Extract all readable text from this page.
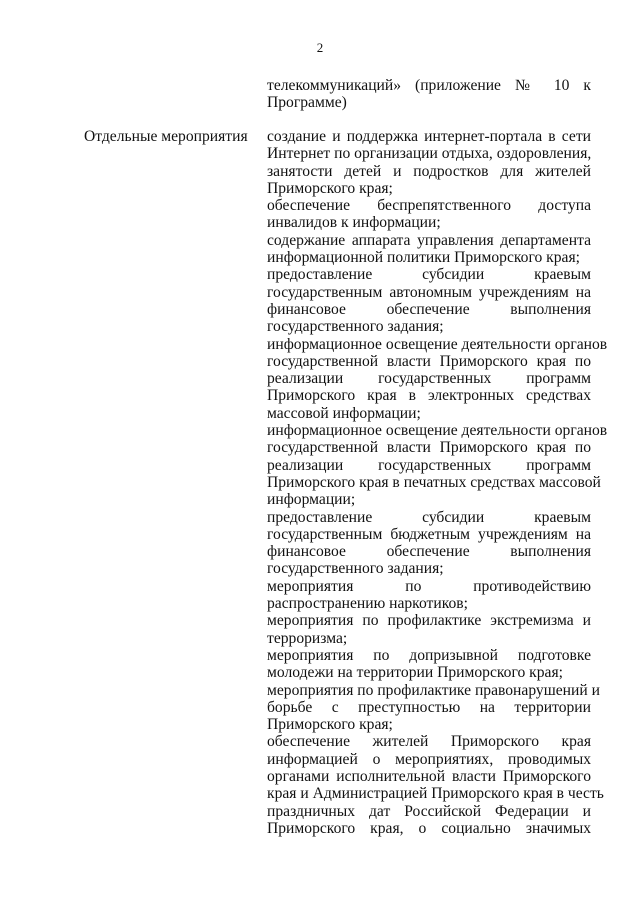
2
телекоммуникаций» (приложение № 10 к
Программе)
Отдельные мероприятия создание и поддержка интернет-портала в сети
Интернет по организации отдыха, оздоровления,
занятости детей и подростков для жителей
Приморского края;
обеспечение беспрепятственного доступа
инвалидов к информации;
содержание аппарата управления департамента
информационной политики Приморского края;
предоставление субсидии краевым
государственным автономным учреждениям на
финансовое обеспечение выполнения
государственного задания;
информационное освещение деятельности органов
государственной власти Приморского края по
реализации государственных программ
Приморского края в электронных средствах
массовой информации;
информационное освещение деятельности органов
государственной власти Приморского края по
реализации государственных программ
Приморского края в печатных средствах массовой
информации;
предоставление субсидии краевым
государственным бюджетным учреждениям на
финансовое обеспечение выполнения
государственного задания;
мероприятия по противодействию
распространению наркотиков;
мероприятия по профилактике экстремизма и
терроризма;
мероприятия по допризывной подготовке
молодежи на территории Приморского края;
мероприятия по профилактике правонарушений и
борьбе с преступностью на территории
Приморского края;
обеспечение жителей Приморского края
информацией о мероприятиях, проводимых
органами исполнительной власти Приморского
края и Администрацией Приморского края в честь
праздничных дат Российской Федерации и
Приморского края, о социально значимых
